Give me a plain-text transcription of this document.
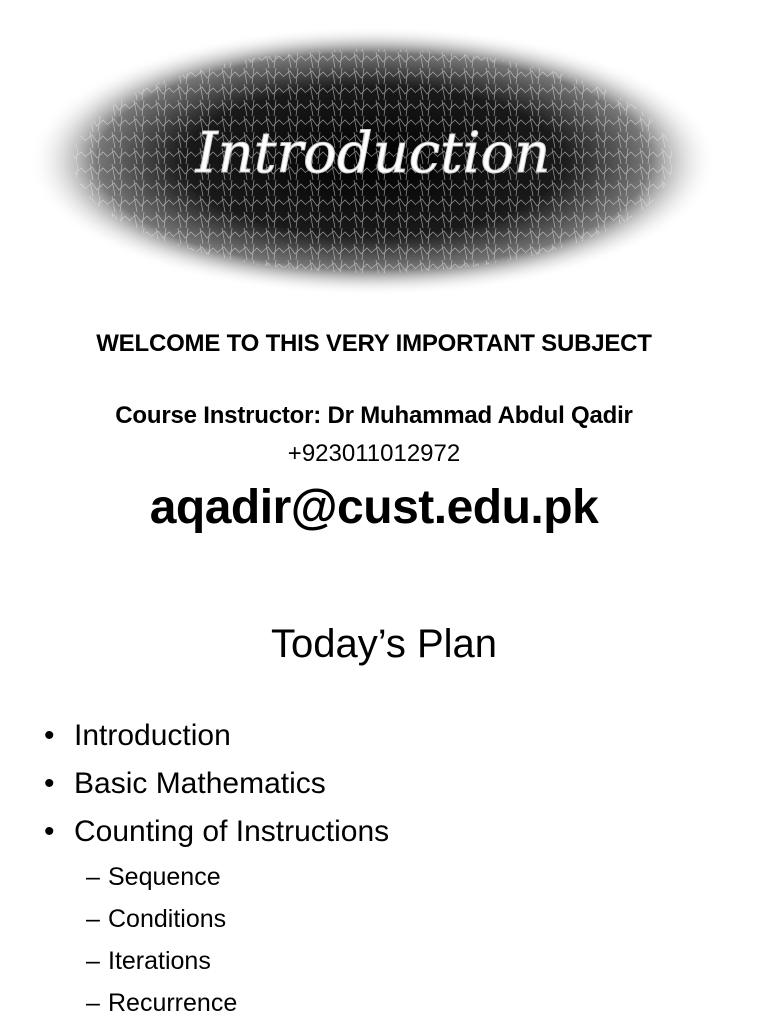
Introduction
WELCOME TO THIS VERY IMPORTANT SUBJECT
Course Instructor: Dr Muhammad Abdul Qadir
+923011012972
aqadir@cust.edu.pk
Today’s Plan
• Introduction
• Basic Mathematics
• Counting of Instructions
– Sequence
– Conditions
– Iterations
– Recurrence
